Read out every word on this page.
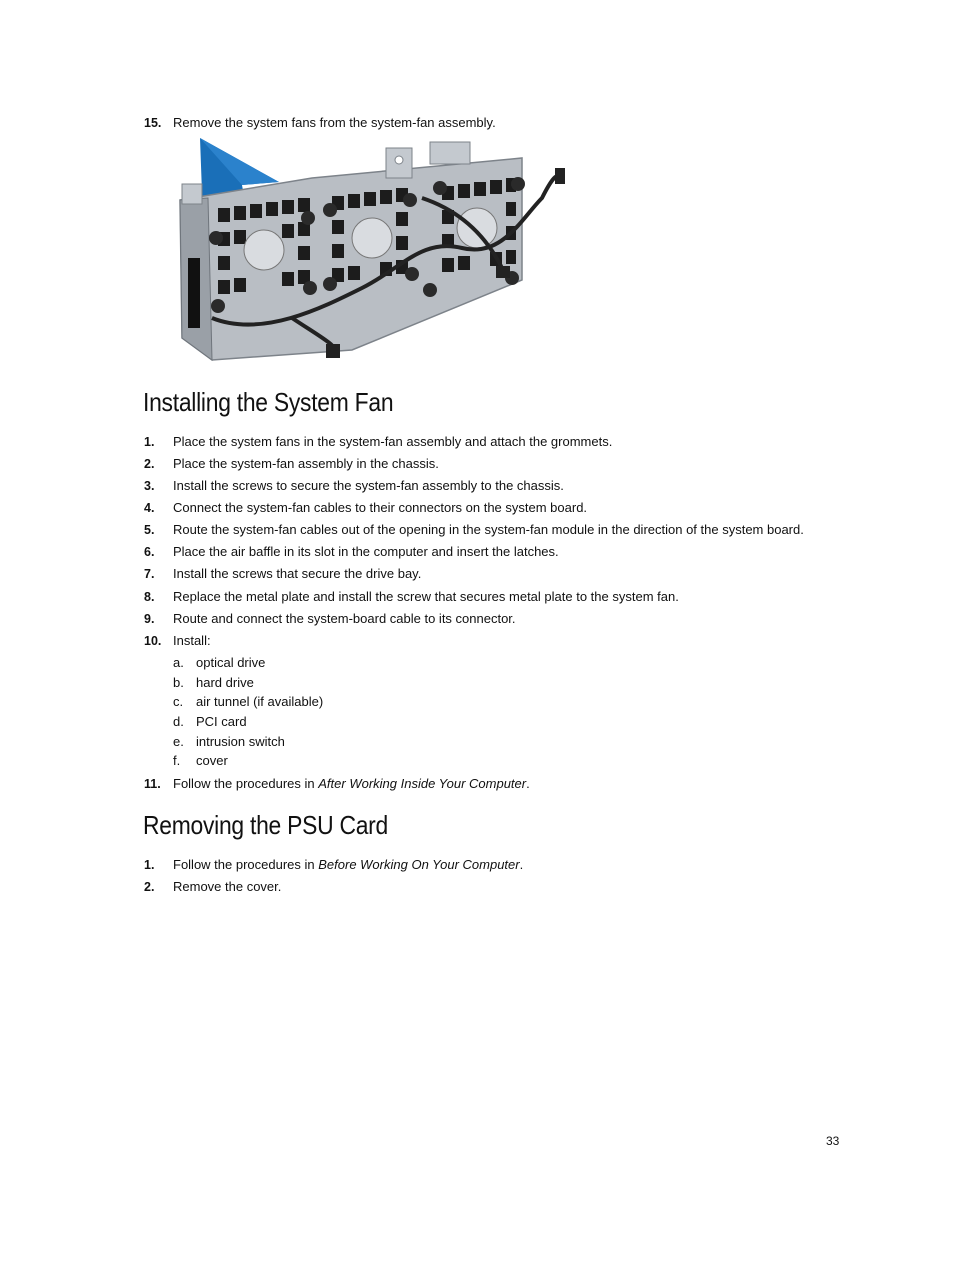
15. Remove the system fans from the system-fan assembly.
Installing the System Fan
1.	Place the system fans in the system-fan assembly and attach the grommets.
2.	Place the system-fan assembly in the chassis.
3.	Install the screws to secure the system-fan assembly to the chassis.
4.	Connect the system-fan cables to their connectors on the system board.
5.	Route the system-fan cables out of the opening in the system-fan module in the direction of the system board.
6.	Place the air baffle in its slot in the computer and insert the latches.
7.	Install the screws that secure the drive bay.
8.	Replace the metal plate and install the screw that secures metal plate to the system fan.
9.	Route and connect the system-board cable to its connector.
10. Install:
a. optical drive
b. hard drive
c. air tunnel (if available)
d. PCI card
e. intrusion switch
f.	cover
11. Follow the procedures in After Working Inside Your Computer.
Removing the PSU Card
1.	Follow the procedures in Before Working On Your Computer.
2.	Remove the cover.
33
